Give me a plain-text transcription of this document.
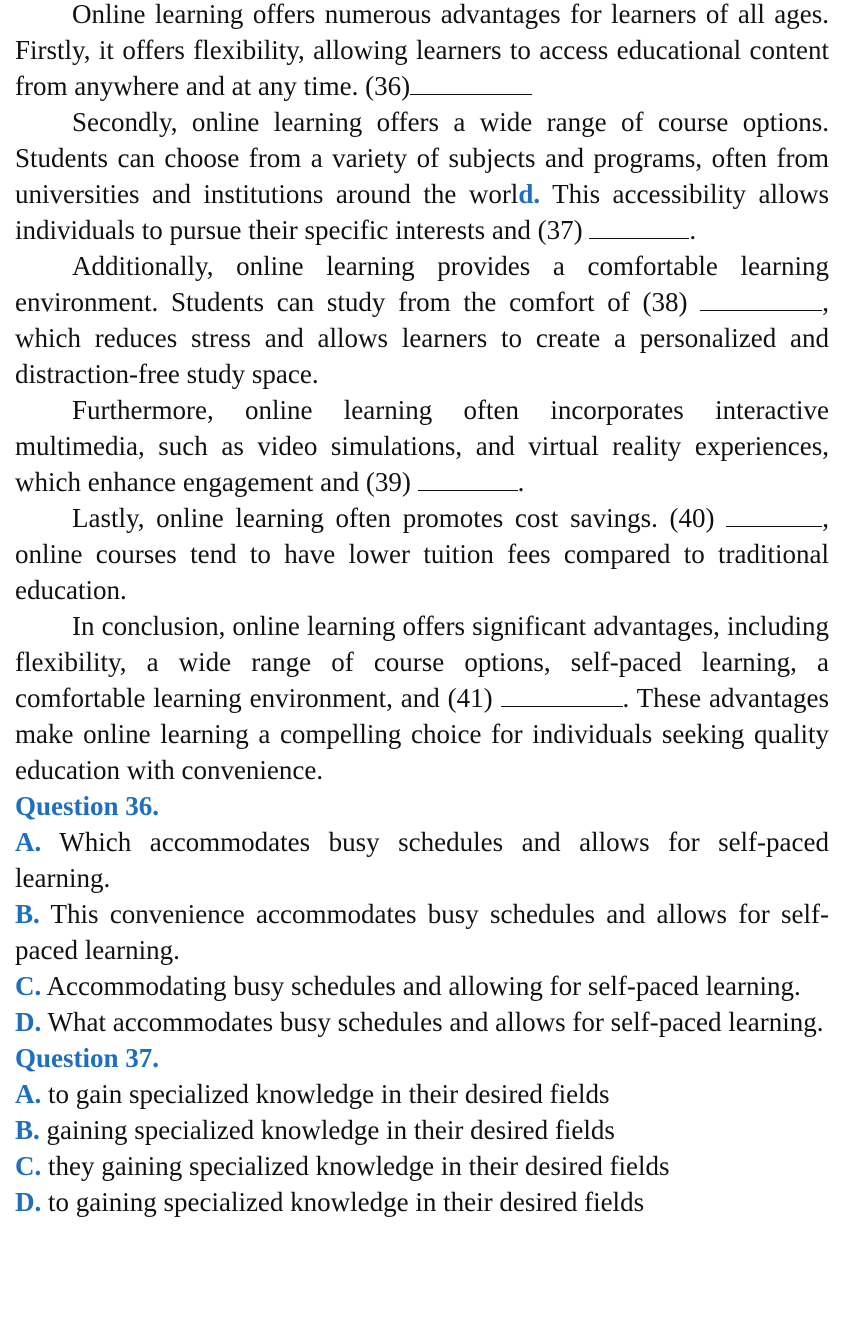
Online learning offers numerous advantages for learners of all ages. Firstly, it offers flexibility, allowing learners to access educational content from anywhere and at any time. (36)

Secondly, online learning offers a wide range of course options. Students can choose from a variety of subjects and programs, often from universities and institutions around the world. This accessibility allows individuals to pursue their specific interests and (37)	.

Additionally, online learning provides a comfortable learning environment. Students can study from the comfort of (38)	, which reduces stress and allows learners to create a personalized and distraction-free study space.

Furthermore, online learning often incorporates interactive multimedia, such as video simulations, and virtual reality experiences, which enhance engagement and (39)	.

Lastly, online learning often promotes cost savings. (40)	, online courses tend to have lower tuition fees compared to traditional education.

In conclusion, online learning offers significant advantages, including flexibility, a wide range of course options, self-paced learning, a comfortable learning environment, and (41)	. These advantages make online learning a compelling choice for individuals seeking quality education with convenience.

Question 36.

A. Which accommodates busy schedules and allows for self-paced learning.

B. This convenience accommodates busy schedules and allows for self-paced learning.

C. Accommodating busy schedules and allowing for self-paced learning.

D. What accommodates busy schedules and allows for self-paced learning.

Question 37.

A. to gain specialized knowledge in their desired fields

B. gaining specialized knowledge in their desired fields

C. they gaining specialized knowledge in their desired fields

D. to gaining specialized knowledge in their desired fields
